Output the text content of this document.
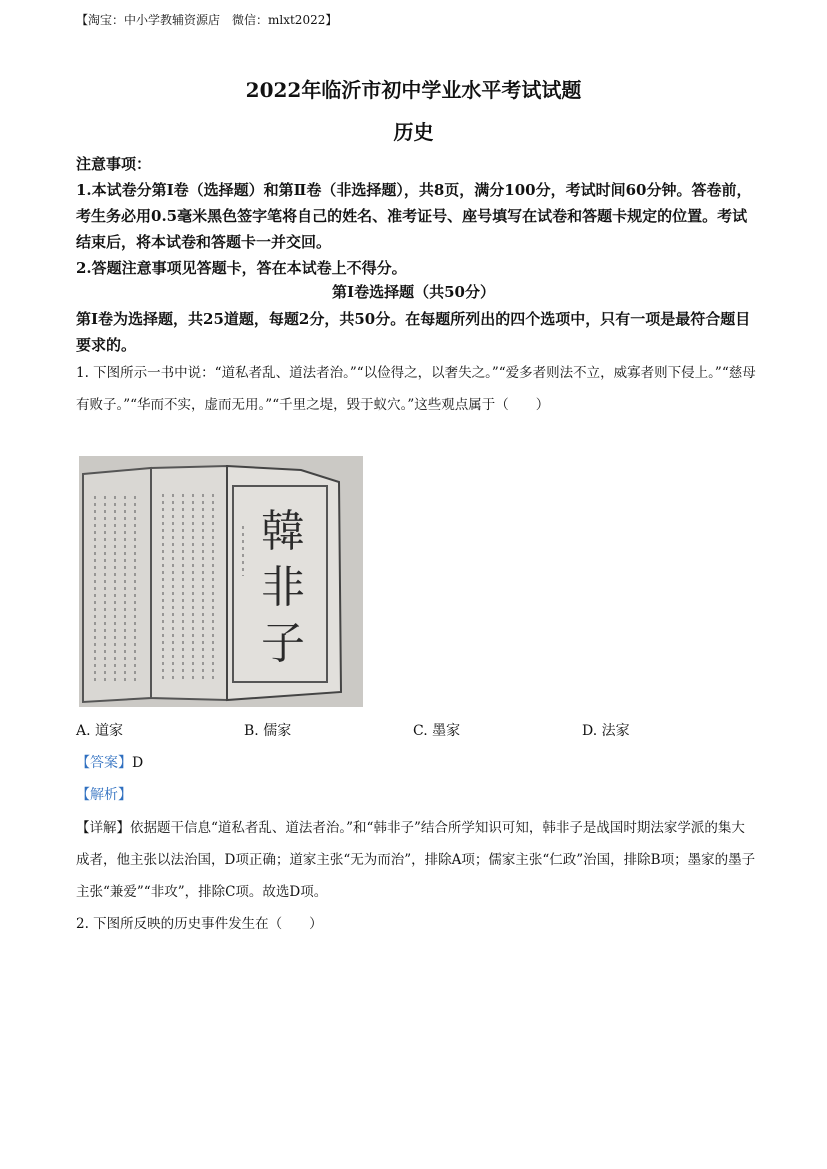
【淘宝：中小学教辅资源店　微信：mlxt2022】
2022年临沂市初中学业水平考试试题
历史
注意事项：
1.本试卷分第Ⅰ卷（选择题）和第Ⅱ卷（非选择题），共8页，满分100分，考试时间60分钟。答卷前，考生务必用0.5毫米黑色签字笔将自己的姓名、准考证号、座号填写在试卷和答题卡规定的位置。考试结束后，将本试卷和答题卡一并交回。
2.答题注意事项见答题卡，答在本试卷上不得分。
第Ⅰ卷选择题（共50分）
第Ⅰ卷为选择题，共25道题，每题2分，共50分。在每题所列出的四个选项中，只有一项是最符合题目要求的。
1. 下图所示一书中说：“道私者乱、道法者治。”“以俭得之，以奢失之。”“爱多者则法不立，威寡者则下侵上。”“慈母有败子。”“华而不实，虚而无用。”“千里之堤，毁于蚁穴。”这些观点属于（　　）
韓
非
子
A. 道家	B. 儒家	C. 墨家	D. 法家
【答案】D
【解析】
【详解】依据题干信息“道私者乱、道法者治。”和“韩非子”结合所学知识可知，韩非子是战国时期法家学派的集大成者，他主张以法治国，D项正确；道家主张“无为而治”，排除A项；儒家主张“仁政”治国，排除B项；墨家的墨子主张“兼爱”“非攻”，排除C项。故选D项。
2. 下图所反映的历史事件发生在（　　）
